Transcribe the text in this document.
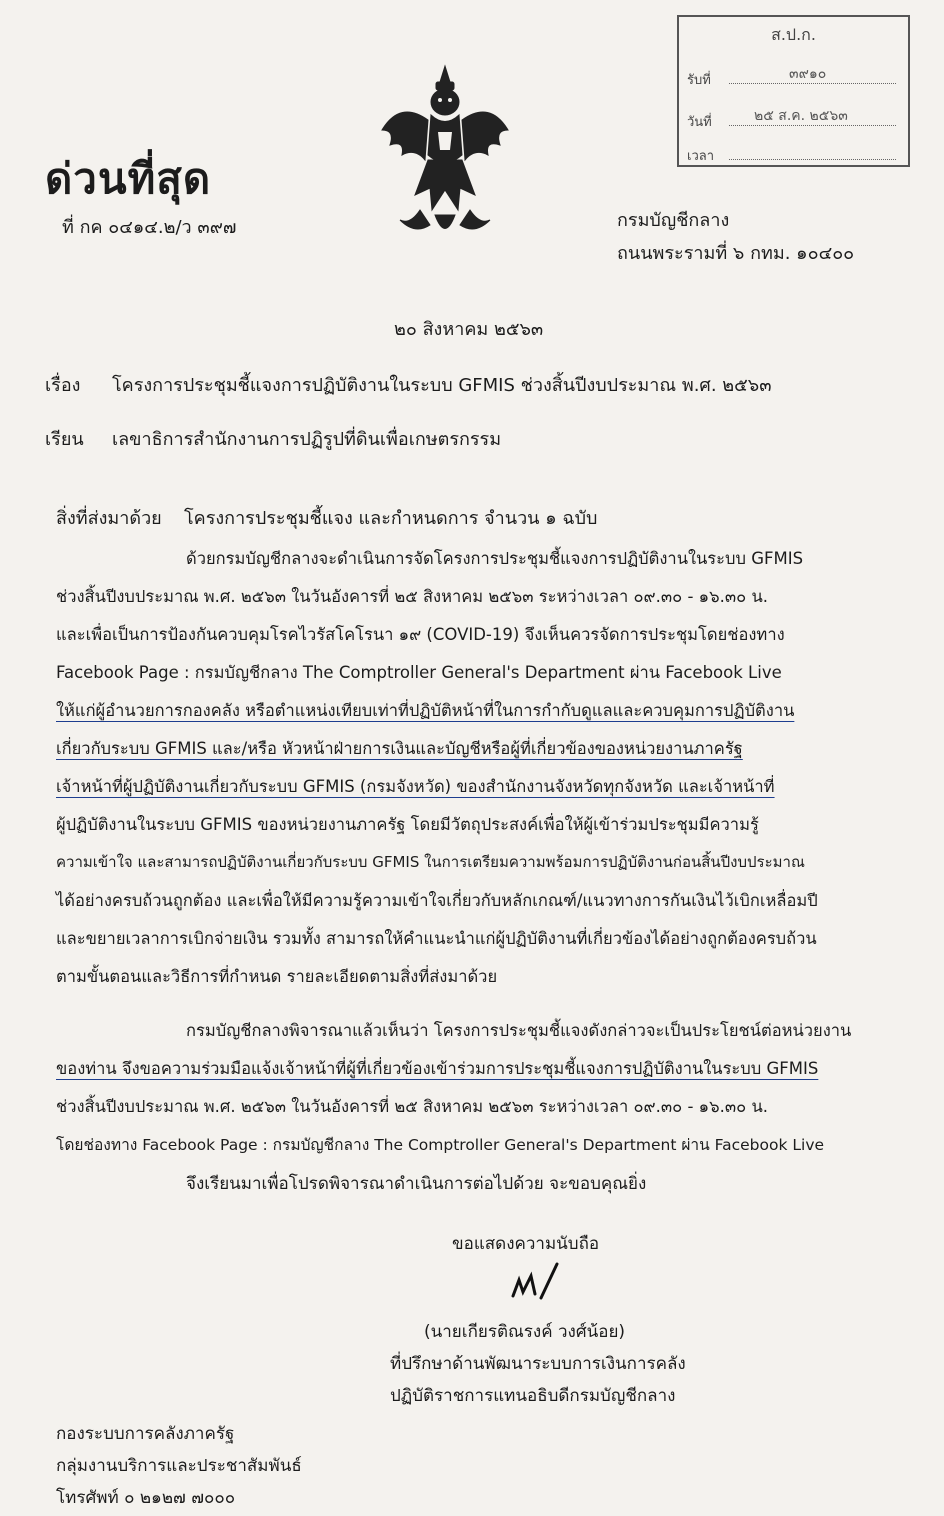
ส.ป.ก.
รับที่	๓๙๑๐
วันที่	๒๕ ส.ค. ๒๕๖๓
เวลา
ด่วนที่สุด
ที่ กค ๐๔๑๔.๒/ว ๓๙๗	กรมบัญชีกลาง
ถนนพระรามที่ ๖ กทม. ๑๐๔๐๐
๒๐ สิงหาคม ๒๕๖๓
เรื่อง โครงการประชุมชี้แจงการปฏิบัติงานในระบบ GFMIS ช่วงสิ้นปีงบประมาณ พ.ศ. ๒๕๖๓
เรียน เลขาธิการสำนักงานการปฏิรูปที่ดินเพื่อเกษตรกรรม
สิ่งที่ส่งมาด้วย โครงการประชุมชี้แจง และกำหนดการ จำนวน ๑ ฉบับ
ด้วยกรมบัญชีกลางจะดำเนินการจัดโครงการประชุมชี้แจงการปฏิบัติงานในระบบ GFMIS
ช่วงสิ้นปีงบประมาณ พ.ศ. ๒๕๖๓ ในวันอังคารที่ ๒๕ สิงหาคม ๒๕๖๓ ระหว่างเวลา ๐๙.๓๐ - ๑๖.๓๐ น.
และเพื่อเป็นการป้องกันควบคุมโรคไวรัสโคโรนา ๑๙ (COVID-19) จึงเห็นควรจัดการประชุมโดยช่องทาง
Facebook Page : กรมบัญชีกลาง The Comptroller General's Department ผ่าน Facebook Live
ให้แก่ผู้อำนวยการกองคลัง หรือตำแหน่งเทียบเท่าที่ปฏิบัติหน้าที่ในการกำกับดูแลและควบคุมการปฏิบัติงาน
เกี่ยวกับระบบ GFMIS และ/หรือ หัวหน้าฝ่ายการเงินและบัญชีหรือผู้ที่เกี่ยวข้องของหน่วยงานภาครัฐ
เจ้าหน้าที่ผู้ปฏิบัติงานเกี่ยวกับระบบ GFMIS (กรมจังหวัด) ของสำนักงานจังหวัดทุกจังหวัด และเจ้าหน้าที่
ผู้ปฏิบัติงานในระบบ GFMIS ของหน่วยงานภาครัฐ โดยมีวัตถุประสงค์เพื่อให้ผู้เข้าร่วมประชุมมีความรู้
ความเข้าใจ และสามารถปฏิบัติงานเกี่ยวกับระบบ GFMIS ในการเตรียมความพร้อมการปฏิบัติงานก่อนสิ้นปีงบประมาณ
ได้อย่างครบถ้วนถูกต้อง และเพื่อให้มีความรู้ความเข้าใจเกี่ยวกับหลักเกณฑ์/แนวทางการกันเงินไว้เบิกเหลื่อมปี
และขยายเวลาการเบิกจ่ายเงิน รวมทั้ง สามารถให้คำแนะนำแก่ผู้ปฏิบัติงานที่เกี่ยวข้องได้อย่างถูกต้องครบถ้วน
ตามขั้นตอนและวิธีการที่กำหนด รายละเอียดตามสิ่งที่ส่งมาด้วย
กรมบัญชีกลางพิจารณาแล้วเห็นว่า โครงการประชุมชี้แจงดังกล่าวจะเป็นประโยชน์ต่อหน่วยงาน
ของท่าน จึงขอความร่วมมือแจ้งเจ้าหน้าที่ผู้ที่เกี่ยวข้องเข้าร่วมการประชุมชี้แจงการปฏิบัติงานในระบบ GFMIS
ช่วงสิ้นปีงบประมาณ พ.ศ. ๒๕๖๓ ในวันอังคารที่ ๒๕ สิงหาคม ๒๕๖๓ ระหว่างเวลา ๐๙.๓๐ - ๑๖.๓๐ น.
โดยช่องทาง Facebook Page : กรมบัญชีกลาง The Comptroller General's Department ผ่าน Facebook Live
จึงเรียนมาเพื่อโปรดพิจารณาดำเนินการต่อไปด้วย จะขอบคุณยิ่ง
ขอแสดงความนับถือ
(นายเกียรติณรงค์ วงศ์น้อย)
ที่ปรึกษาด้านพัฒนาระบบการเงินการคลัง
ปฏิบัติราชการแทนอธิบดีกรมบัญชีกลาง
กองระบบการคลังภาครัฐ
กลุ่มงานบริการและประชาสัมพันธ์
โทรศัพท์ ๐ ๒๑๒๗ ๗๐๐๐
